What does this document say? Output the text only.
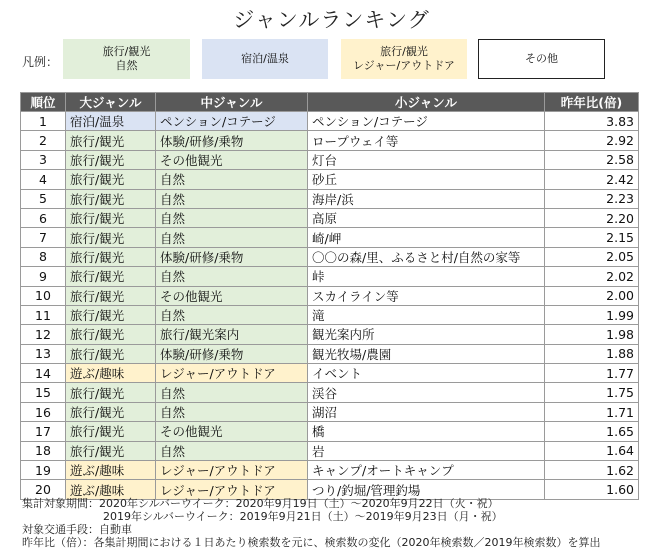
ジャンルランキング
凡例：
旅行/観光
自然
宿泊/温泉
旅行/観光
レジャー/アウトドア
その他
順位	大ジャンル	中ジャンル	小ジャンル	昨年比(倍)
1	宿泊/温泉	ペンション/コテージ	ペンション/コテージ	3.83
2	旅行/観光	体験/研修/乗物	ロープウェイ等	2.92
3	旅行/観光	その他観光	灯台	2.58
4	旅行/観光	自然	砂丘	2.42
5	旅行/観光	自然	海岸/浜	2.23
6	旅行/観光	自然	高原	2.20
7	旅行/観光	自然	崎/岬	2.15
8	旅行/観光	体験/研修/乗物	〇〇の森/里、ふるさと村/自然の家等	2.05
9	旅行/観光	自然	峠	2.02
10	旅行/観光	その他観光	スカイライン等	2.00
11	旅行/観光	自然	滝	1.99
12	旅行/観光	旅行/観光案内	観光案内所	1.98
13	旅行/観光	体験/研修/乗物	観光牧場/農園	1.88
14	遊ぶ/趣味	レジャー/アウトドア	イベント	1.77
15	旅行/観光	自然	渓谷	1.75
16	旅行/観光	自然	湖沼	1.71
17	旅行/観光	その他観光	橋	1.65
18	旅行/観光	自然	岩	1.64
19	遊ぶ/趣味	レジャー/アウトドア	キャンプ/オートキャンプ	1.62
20	遊ぶ/趣味	レジャー/アウトドア	つり/釣堀/管理釣場	1.60
集計対象期間：2020年シルバーウイーク：2020年9月19日（土）～2020年9月22日（火・祝）
2019年シルバーウイーク：2019年9月21日（土）～2019年9月23日（月・祝）
対象交通手段：自動車
昨年比（倍）：各集計期間における１日あたり検索数を元に、検索数の変化（2020年検索数／2019年検索数）を算出
